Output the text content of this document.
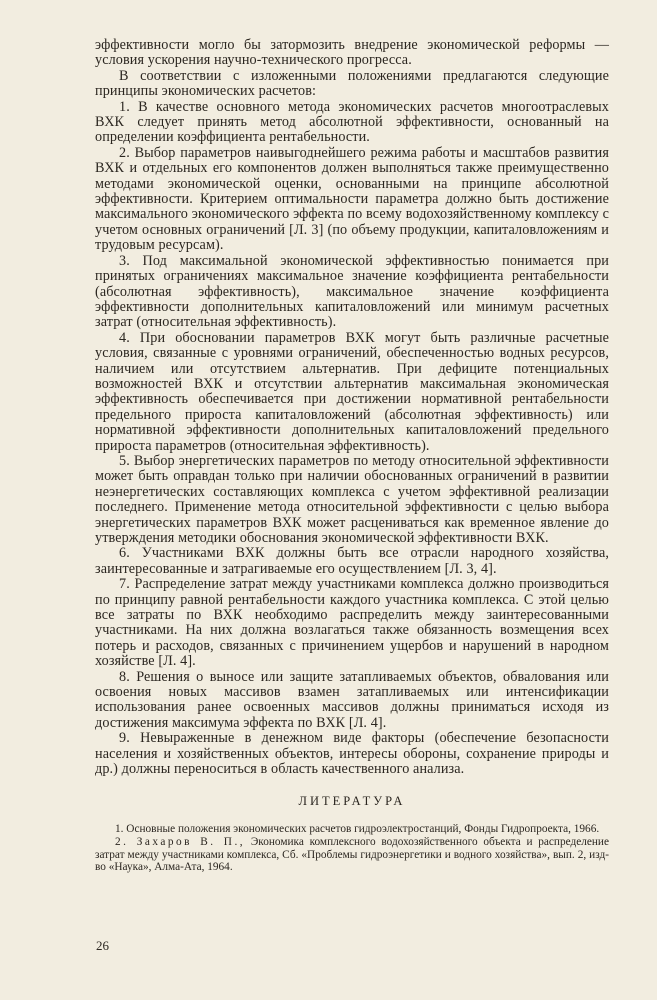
эффективности могло бы затормозить внедрение экономической реформы — условия ускорения научно-технического прогресса.

В соответствии с изложенными положениями предлагаются следующие принципы экономических расчетов:

1. В качестве основного метода экономических расчетов многоотраслевых ВХК следует принять метод абсолютной эффективности, основанный на определении коэффициента рентабельности.

2. Выбор параметров наивыгоднейшего режима работы и масштабов развития ВХК и отдельных его компонентов должен выполняться также преимущественно методами экономической оценки, основанными на принципе абсолютной эффективности. Критерием оптимальности параметра должно быть достижение максимального экономического эффекта по всему водохозяйственному комплексу с учетом основных ограничений [Л. 3] (по объему продукции, капиталовложениям и трудовым ресурсам).

3. Под максимальной экономической эффективностью понимается при принятых ограничениях максимальное значение коэффициента рентабельности (абсолютная эффективность), максимальное значение коэффициента эффективности дополнительных капиталовложений или минимум расчетных затрат (относительная эффективность).

4. При обосновании параметров ВХК могут быть различные расчетные условия, связанные с уровнями ограничений, обеспеченностью водных ресурсов, наличием или отсутствием альтернатив. При дефиците потенциальных возможностей ВХК и отсутствии альтернатив максимальная экономическая эффективность обеспечивается при достижении нормативной рентабельности предельного прироста капиталовложений (абсолютная эффективность) или нормативной эффективности дополнительных капиталовложений предельного прироста параметров (относительная эффективность).

5. Выбор энергетических параметров по методу относительной эффективности может быть оправдан только при наличии обоснованных ограничений в развитии неэнергетических составляющих комплекса с учетом эффективной реализации последнего. Применение метода относительной эффективности с целью выбора энергетических параметров ВХК может расцениваться как временное явление до утверждения методики обоснования экономической эффективности ВХК.

6. Участниками ВХК должны быть все отрасли народного хозяйства, заинтересованные и затрагиваемые его осуществлением [Л. 3, 4].

7. Распределение затрат между участниками комплекса должно производиться по принципу равной рентабельности каждого участника комплекса. С этой целью все затраты по ВХК необходимо распределить между заинтересованными участниками. На них должна возлагаться также обязанность возмещения всех потерь и расходов, связанных с причинением ущербов и нарушений в народном хозяйстве [Л. 4].

8. Решения о выносе или защите затапливаемых объектов, обвалования или освоения новых массивов взамен затапливаемых или интенсификации использования ранее освоенных массивов должны приниматься исходя из достижения максимума эффекта по ВХК [Л. 4].

9. Невыраженные в денежном виде факторы (обеспечение безопасности населения и хозяйственных объектов, интересы обороны, сохранение природы и др.) должны переноситься в область качественного анализа.

ЛИТЕРАТУРА

1. Основные положения экономических расчетов гидроэлектростанций, Фонды Гидропроекта, 1966.

2. Захаров В. П., Экономика комплексного водохозяйственного объекта и распределение затрат между участниками комплекса, Сб. «Проблемы гидроэнергетики и водного хозяйства», вып. 2, изд-во «Наука», Алма-Ата, 1964.

26
